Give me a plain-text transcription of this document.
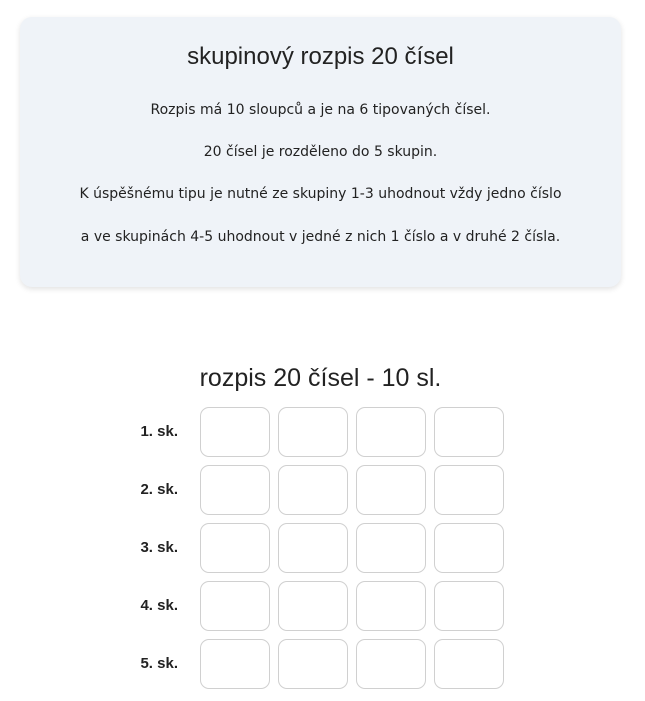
skupinový rozpis 20 čísel

Rozpis má 10 sloupců a je na 6 tipovaných čísel.

20 čísel je rozděleno do 5 skupin.

K úspěšnému tipu je nutné ze skupiny 1-3 uhodnout vždy jedno číslo

a ve skupinách 4-5 uhodnout v jedné z nich 1 číslo a v druhé 2 čísla.

rozpis 20 čísel - 10 sl.
1. sk.
2. sk.
3. sk.
4. sk.
5. sk.
